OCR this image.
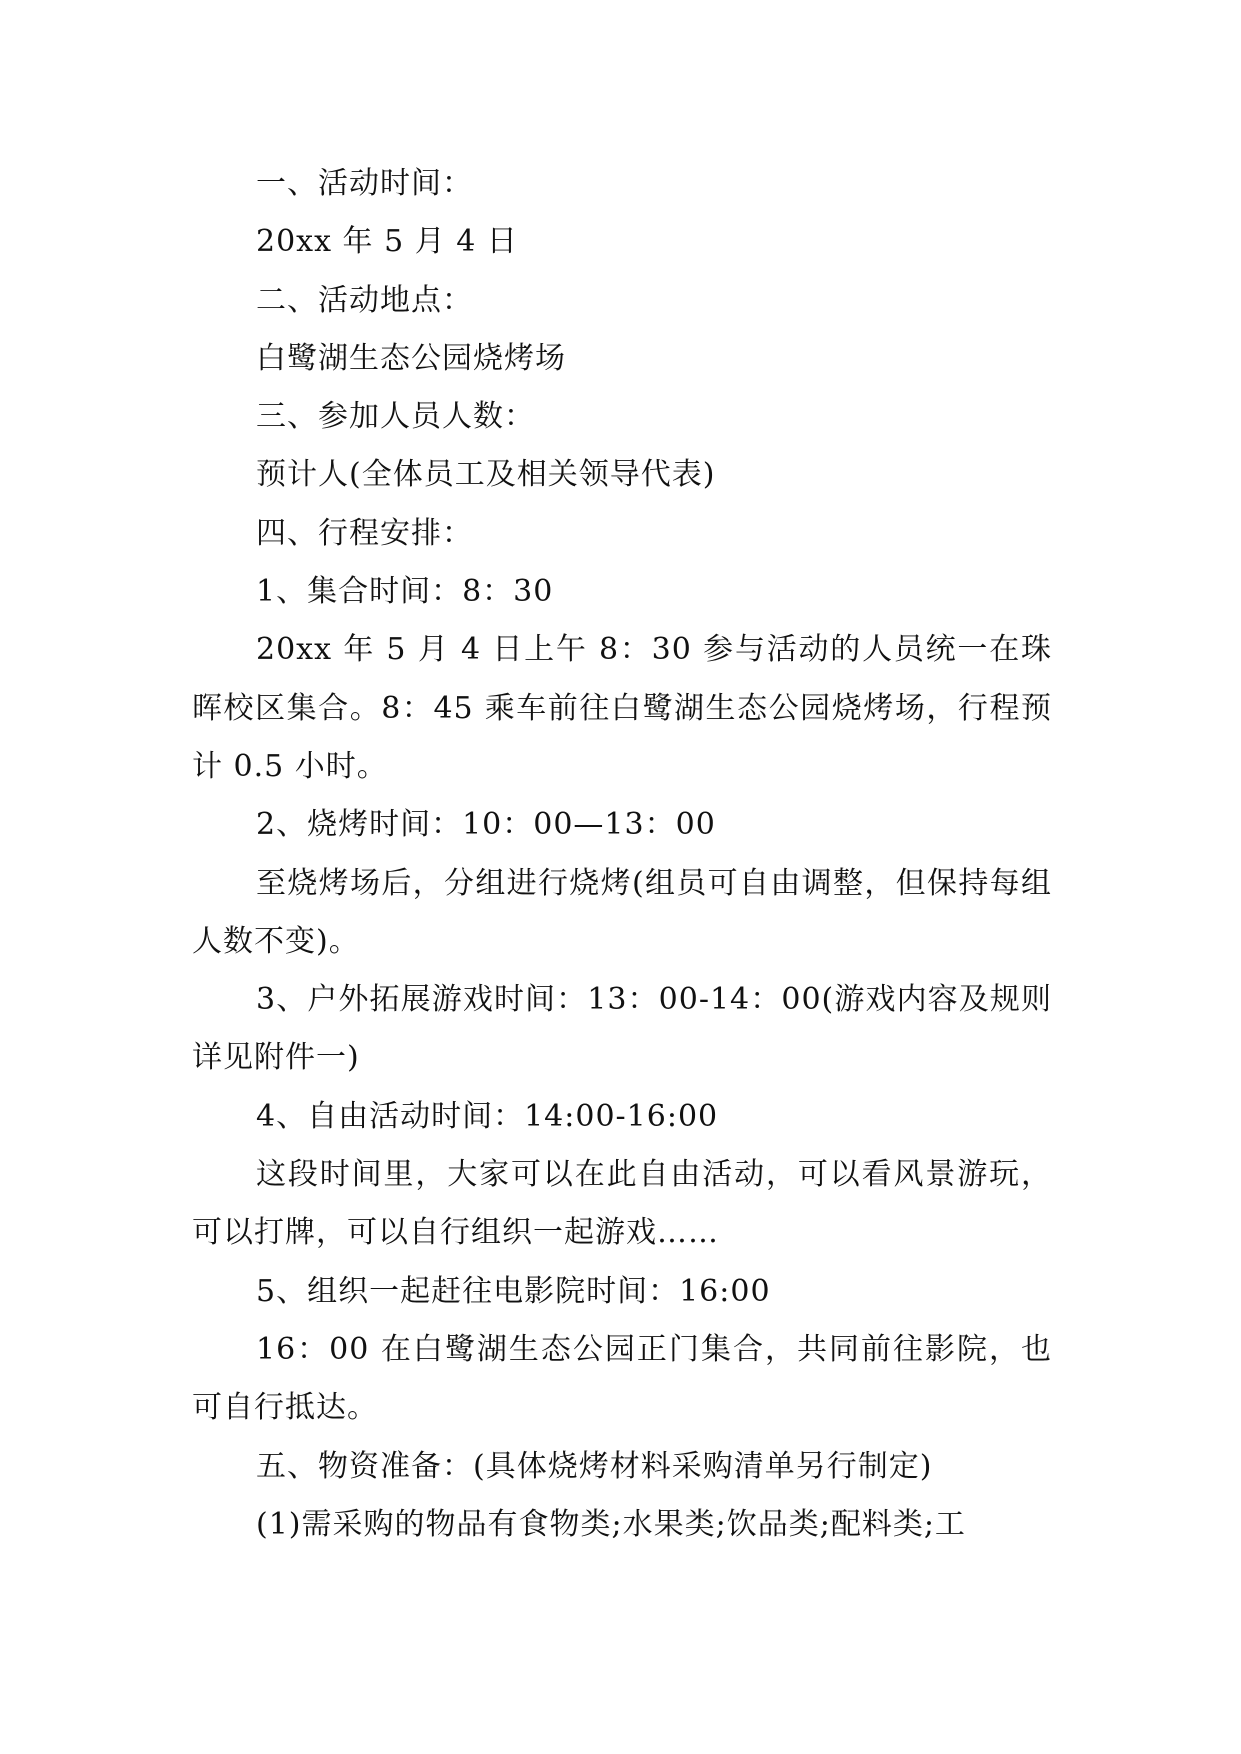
一、活动时间：

20xx 年 5 月 4 日

二、活动地点：

白鹭湖生态公园烧烤场

三、参加人员人数：

预计人(全体员工及相关领导代表)

四、行程安排：

1、集合时间：8：30

20xx 年 5 月 4 日上午 8：30 参与活动的人员统一在珠晖校区集合。8：45 乘车前往白鹭湖生态公园烧烤场，行程预计 0.5 小时。

2、烧烤时间：10：00—13：00

至烧烤场后，分组进行烧烤(组员可自由调整，但保持每组人数不变)。

3、户外拓展游戏时间：13：00-14：00(游戏内容及规则详见附件一)

4、自由活动时间：14:00-16:00

这段时间里，大家可以在此自由活动，可以看风景游玩，可以打牌，可以自行组织一起游戏……

5、组织一起赶往电影院时间：16:00

16：00 在白鹭湖生态公园正门集合，共同前往影院，也可自行抵达。

五、物资准备：(具体烧烤材料采购清单另行制定)

(1)需采购的物品有食物类;水果类;饮品类;配料类;工
